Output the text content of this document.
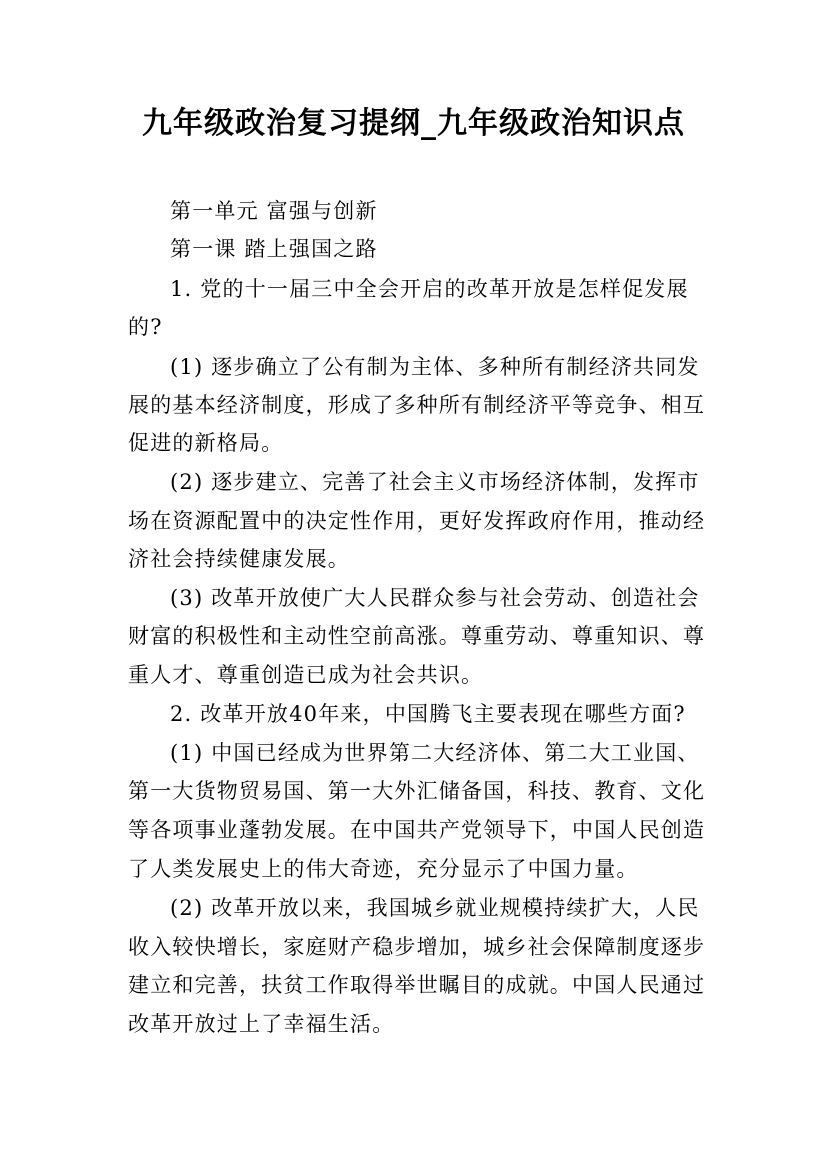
九年级政治复习提纲_九年级政治知识点

第一单元 富强与创新

第一课 踏上强国之路

1. 党的十一届三中全会开启的改革开放是怎样促发展

的?

(1) 逐步确立了公有制为主体、多种所有制经济共同发

展的基本经济制度，形成了多种所有制经济平等竞争、相互

促进的新格局。

(2) 逐步建立、完善了社会主义市场经济体制，发挥市

场在资源配置中的决定性作用，更好发挥政府作用，推动经

济社会持续健康发展。

(3) 改革开放使广大人民群众参与社会劳动、创造社会

财富的积极性和主动性空前高涨。尊重劳动、尊重知识、尊

重人才、尊重创造已成为社会共识。

2. 改革开放40年来，中国腾飞主要表现在哪些方面?

(1) 中国已经成为世界第二大经济体、第二大工业国、

第一大货物贸易国、第一大外汇储备国，科技、教育、文化

等各项事业蓬勃发展。在中国共产党领导下，中国人民创造

了人类发展史上的伟大奇迹，充分显示了中国力量。

(2) 改革开放以来，我国城乡就业规模持续扩大，人民

收入较快增长，家庭财产稳步增加，城乡社会保障制度逐步

建立和完善，扶贫工作取得举世瞩目的成就。中国人民通过

改革开放过上了幸福生活。
